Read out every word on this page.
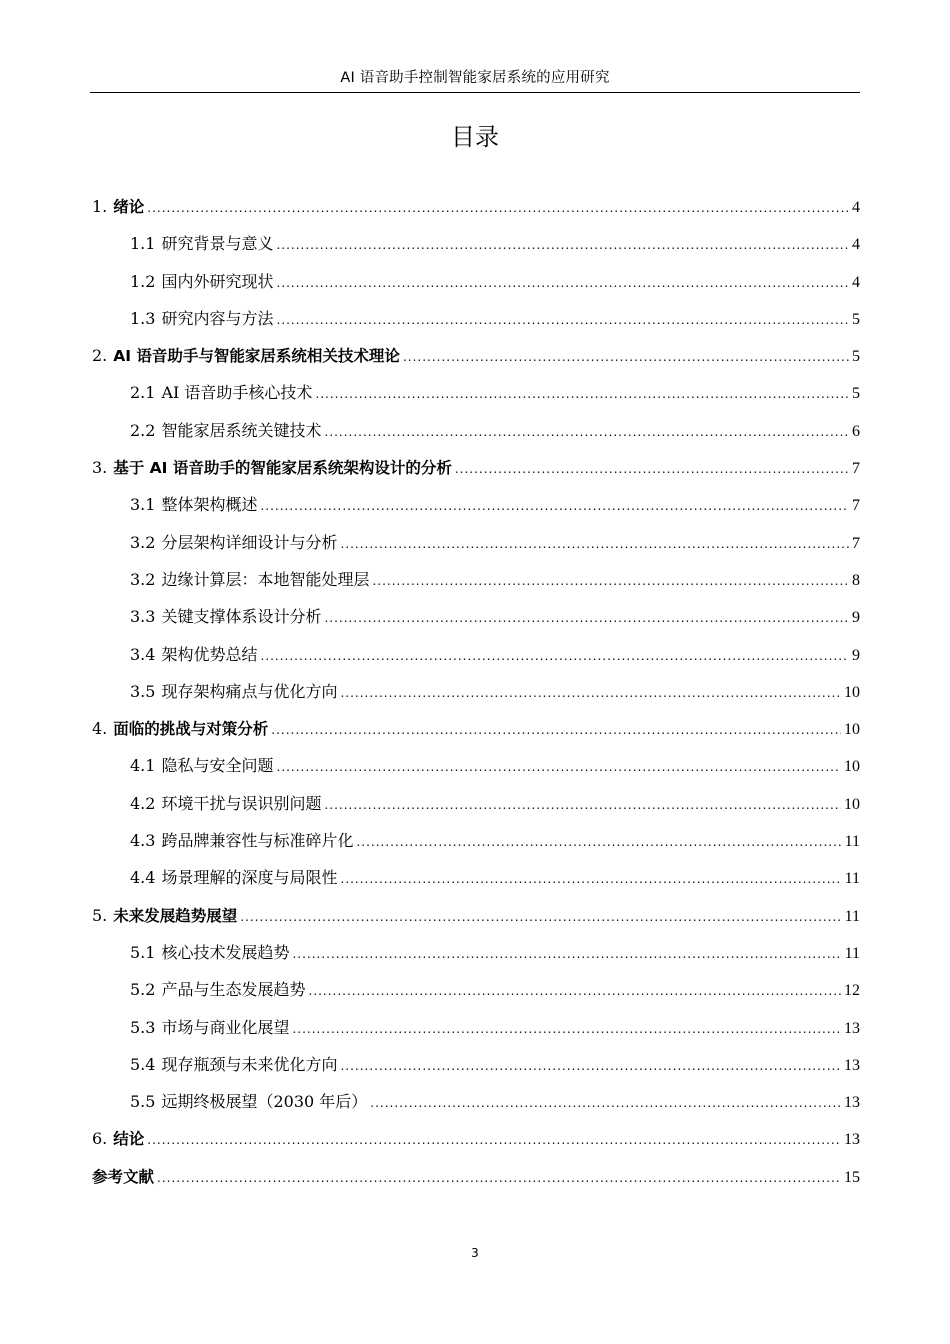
AI 语音助手控制智能家居系统的应用研究
目录
1. 绪论 .....	4
1.1 研究背景与意义 .....	4
1.2 国内外研究现状 .....	4
1.3 研究内容与方法 .....	5
2. AI 语音助手与智能家居系统相关技术理论 .....	5
2.1 AI 语音助手核心技术 .....	5
2.2 智能家居系统关键技术 .....	6
3. 基于 AI 语音助手的智能家居系统架构设计的分析 .....	7
3.1 整体架构概述 .....	7
3.2 分层架构详细设计与分析 .....	7
3.2 边缘计算层：本地智能处理层 .....	8
3.3 关键支撑体系设计分析 .....	9
3.4 架构优势总结 .....	9
3.5 现存架构痛点与优化方向 .....	10
4. 面临的挑战与对策分析 .....	10
4.1 隐私与安全问题 .....	10
4.2 环境干扰与误识别问题 .....	10
4.3 跨品牌兼容性与标准碎片化 .....	11
4.4 场景理解的深度与局限性 .....	11
5. 未来发展趋势展望 .....	11
5.1 核心技术发展趋势 .....	11
5.2 产品与生态发展趋势 .....	12
5.3 市场与商业化展望 .....	13
5.4 现存瓶颈与未来优化方向 .....	13
5.5 远期终极展望（2030 年后） .....	13
6. 结论 .....	13
参考文献 .....	15
3
